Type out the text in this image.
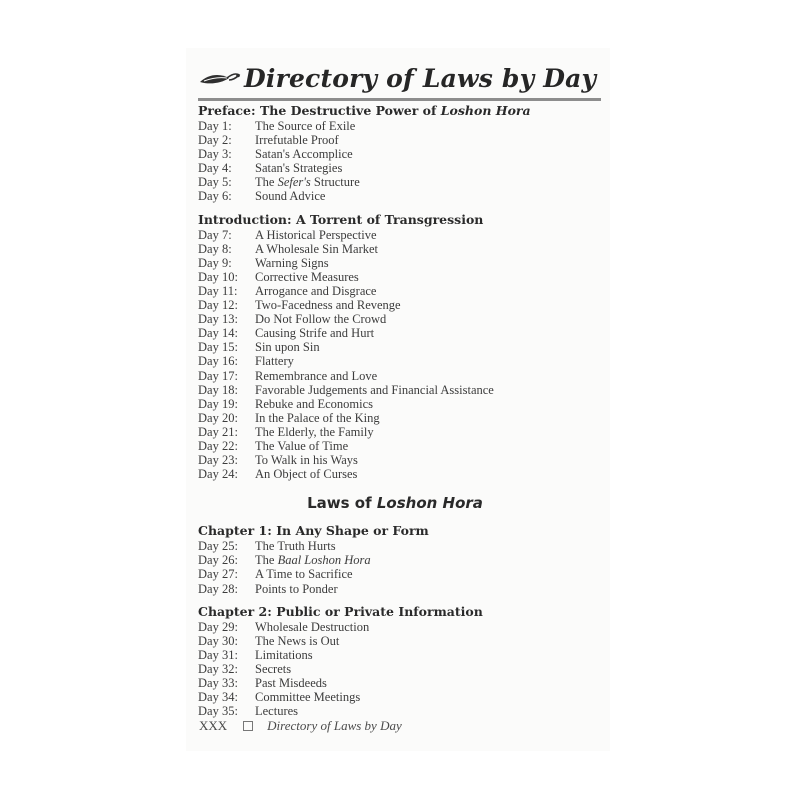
Directory of Laws by Day
Preface: The Destructive Power of Loshon Hora
Day 1:	The Source of Exile
Day 2:	Irrefutable Proof
Day 3:	Satan's Accomplice
Day 4:	Satan's Strategies
Day 5:	The Sefer's Structure
Day 6:	Sound Advice
Introduction: A Torrent of Transgression
Day 7:	A Historical Perspective
Day 8:	A Wholesale Sin Market
Day 9:	Warning Signs
Day 10:	Corrective Measures
Day 11:	Arrogance and Disgrace
Day 12:	Two-Facedness and Revenge
Day 13:	Do Not Follow the Crowd
Day 14:	Causing Strife and Hurt
Day 15:	Sin upon Sin
Day 16:	Flattery
Day 17:	Remembrance and Love
Day 18:	Favorable Judgements and Financial Assistance
Day 19:	Rebuke and Economics
Day 20:	In the Palace of the King
Day 21:	The Elderly, the Family
Day 22:	The Value of Time
Day 23:	To Walk in his Ways
Day 24:	An Object of Curses
Laws of Loshon Hora
Chapter 1: In Any Shape or Form
Day 25:	The Truth Hurts
Day 26:	The Baal Loshon Hora
Day 27:	A Time to Sacrifice
Day 28:	Points to Ponder
Chapter 2: Public or Private Information
Day 29:	Wholesale Destruction
Day 30:	The News is Out
Day 31:	Limitations
Day 32:	Secrets
Day 33:	Past Misdeeds
Day 34:	Committee Meetings
Day 35:	Lectures
XXX	Directory of Laws by Day
